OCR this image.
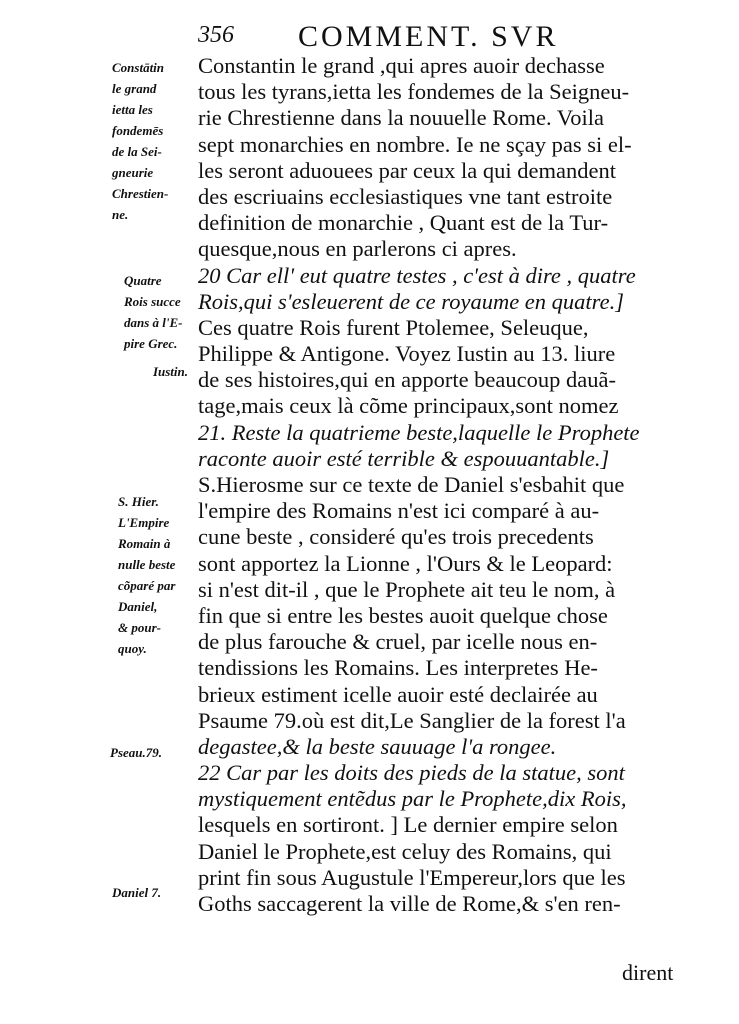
356 COMMENT. SVR
Constantin le grand ,qui apres auoir dechasse
tous les tyrans,ietta les fondemes de la Seigneu-
rie Chrestienne dans la nouuelle Rome. Voila
sept monarchies en nombre. Ie ne sçay pas si el-
les seront aduouees par ceux la qui demandent
des escriuains ecclesiastiques vne tant estroite
definition de monarchie , Quant est de la Tur-
quesque,nous en parlerons ci apres.
20 Car ell' eut quatre testes , c'est à dire , quatre
Rois,qui s'esleuerent de ce royaume en quatre.]
Ces quatre Rois furent Ptolemee, Seleuque,
Philippe & Antigone. Voyez Iustin au 13. liure
de ses histoires,qui en apporte beaucoup dauã-
tage,mais ceux là cõme principaux,sont nomez
21. Reste la quatrieme beste,laquelle le Prophete
raconte auoir esté terrible & espouuantable.]
S.Hierosme sur ce texte de Daniel s'esbahit que
l'empire des Romains n'est ici comparé à au-
cune beste , consideré qu'es trois precedents
sont apportez la Lionne , l'Ours & le Leopard:
si n'est dit-il , que le Prophete ait teu le nom, à
fin que si entre les bestes auoit quelque chose
de plus farouche & cruel, par icelle nous en-
tendissions les Romains. Les interpretes He-
brieux estiment icelle auoir esté declairée au
Psaume 79.où est dit,Le Sanglier de la forest l'a
degastee,& la beste sauuage l'a rongee.
22 Car par les doits des pieds de la statue, sont
mystiquement entẽdus par le Prophete,dix Rois,
lesquels en sortiront. ] Le dernier empire selon
Daniel le Prophete,est celuy des Romains, qui
print fin sous Augustule l'Empereur,lors que les
Goths saccagerent la ville de Rome,& s'en ren-
Constātin
le grand
ietta les
fondemēs
de la Sei-
gneurie
Chrestien-
ne.
Quatre
Rois succe
dans à l'E-
pire Grec.
Iustin.
S. Hier.
L'Empire
Romain à
nulle beste
cõparé par
Daniel,
& pour-
quoy.
Pseau.79.
Daniel 7.
dirent
